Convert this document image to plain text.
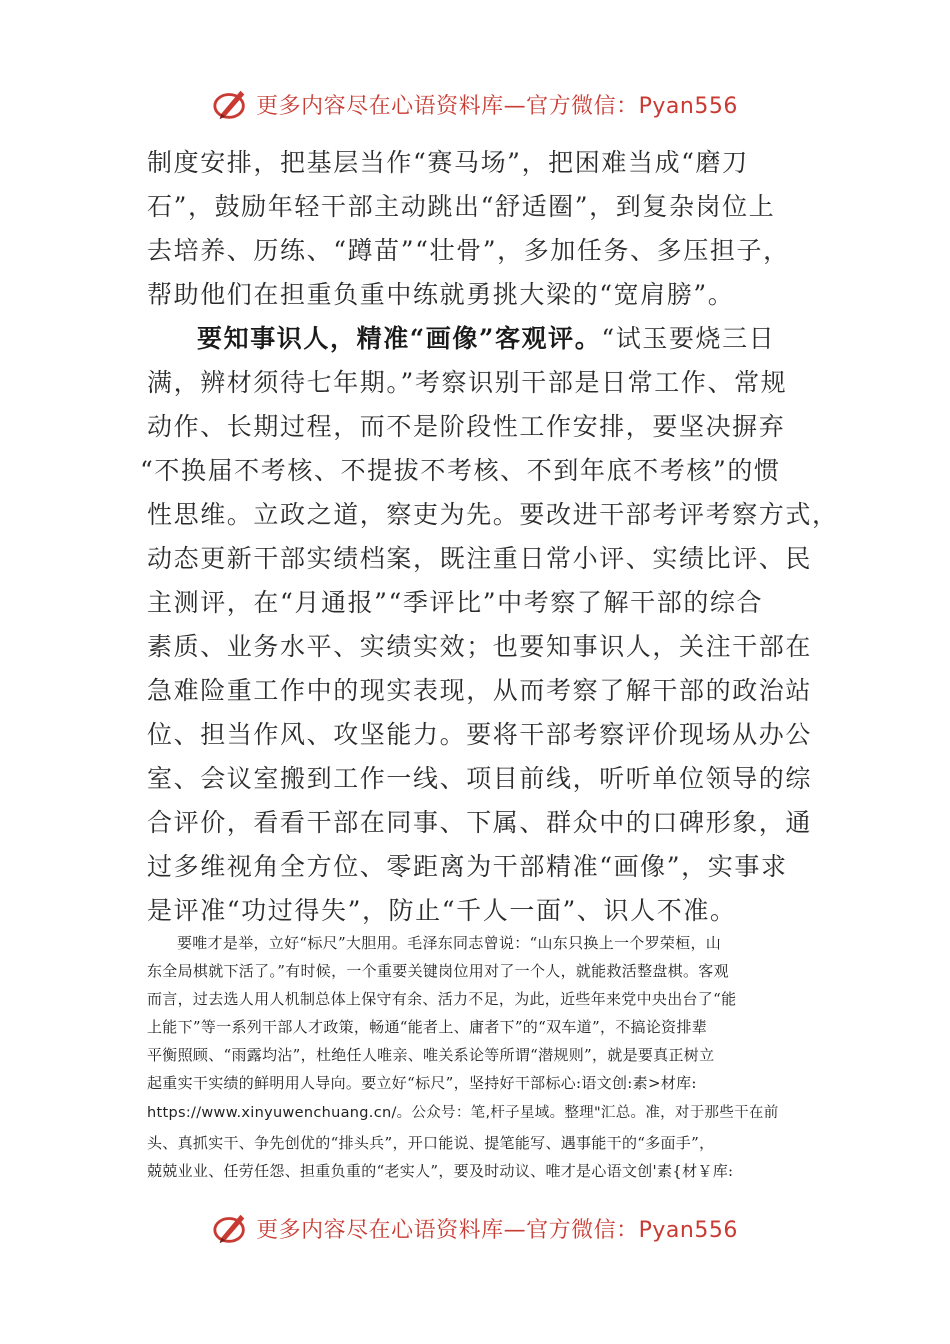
更多内容尽在心语资料库—官方微信：Pyan556
制度安排，把基层当作“赛马场”，把困难当成“磨刀
石”，鼓励年轻干部主动跳出“舒适圈”，到复杂岗位上
去培养、历练、“蹲苗”“壮骨”，多加任务、多压担子，
帮助他们在担重负重中练就勇挑大梁的“宽肩膀”。
要知事识人，精准“画像”客观评。“试玉要烧三日
满，辨材须待七年期。”考察识别干部是日常工作、常规
动作、长期过程，而不是阶段性工作安排，要坚决摒弃
“不换届不考核、不提拔不考核、不到年底不考核”的惯
性思维。立政之道，察吏为先。要改进干部考评考察方式，
动态更新干部实绩档案，既注重日常小评、实绩比评、民
主测评，在“月通报”“季评比”中考察了解干部的综合
素质、业务水平、实绩实效；也要知事识人，关注干部在
急难险重工作中的现实表现，从而考察了解干部的政治站
位、担当作风、攻坚能力。要将干部考察评价现场从办公
室、会议室搬到工作一线、项目前线，听听单位领导的综
合评价，看看干部在同事、下属、群众中的口碑形象，通
过多维视角全方位、零距离为干部精准“画像”，实事求
是评准“功过得失”，防止“千人一面”、识人不准。
要唯才是举，立好“标尺”大胆用。毛泽东同志曾说：“山东只换上一个罗荣桓，山
东全局棋就下活了。”有时候，一个重要关键岗位用对了一个人，就能救活整盘棋。客观
而言，过去选人用人机制总体上保守有余、活力不足，为此，近些年来党中央出台了“能
上能下”等一系列干部人才政策，畅通“能者上、庸者下”的“双车道”，不搞论资排辈
平衡照顾、“雨露均沾”，杜绝任人唯亲、唯关系论等所谓“潜规则”，就是要真正树立
起重实干实绩的鲜明用人导向。要立好“标尺”，坚持好干部标心:语文创:素>材库:
https://www.xinyuwenchuang.cn/。公众号：笔,杆子星域。整理"汇总。准，对于那些干在前
头、真抓实干、争先创优的“排头兵”，开口能说、提笔能写、遇事能干的“多面手”，
兢兢业业、任劳任怨、担重负重的“老实人”，要及时动议、唯才是心语文创'素{材￥库:
更多内容尽在心语资料库—官方微信：Pyan556
